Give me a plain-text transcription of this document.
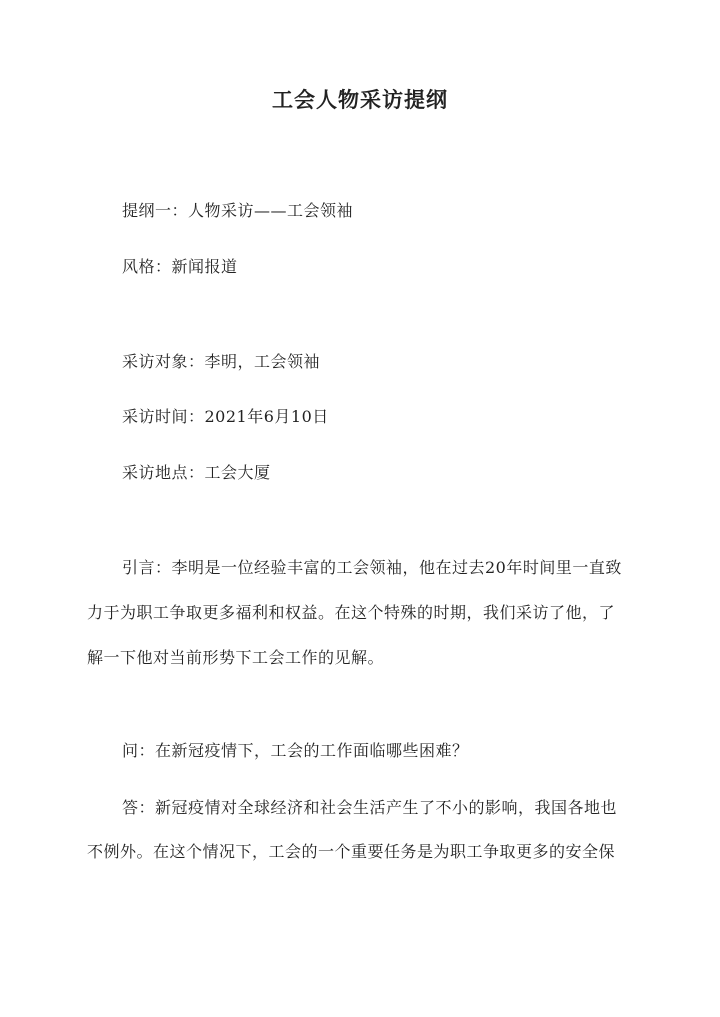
工会人物采访提纲
提纲一：人物采访——工会领袖
风格：新闻报道
采访对象：李明，工会领袖
采访时间：2021年6月10日
采访地点：工会大厦
引言：李明是一位经验丰富的工会领袖，他在过去20年时间里一直致
力于为职工争取更多福利和权益。在这个特殊的时期，我们采访了他，了
解一下他对当前形势下工会工作的见解。
问：在新冠疫情下，工会的工作面临哪些困难？
答：新冠疫情对全球经济和社会生活产生了不小的影响，我国各地也
不例外。在这个情况下，工会的一个重要任务是为职工争取更多的安全保
